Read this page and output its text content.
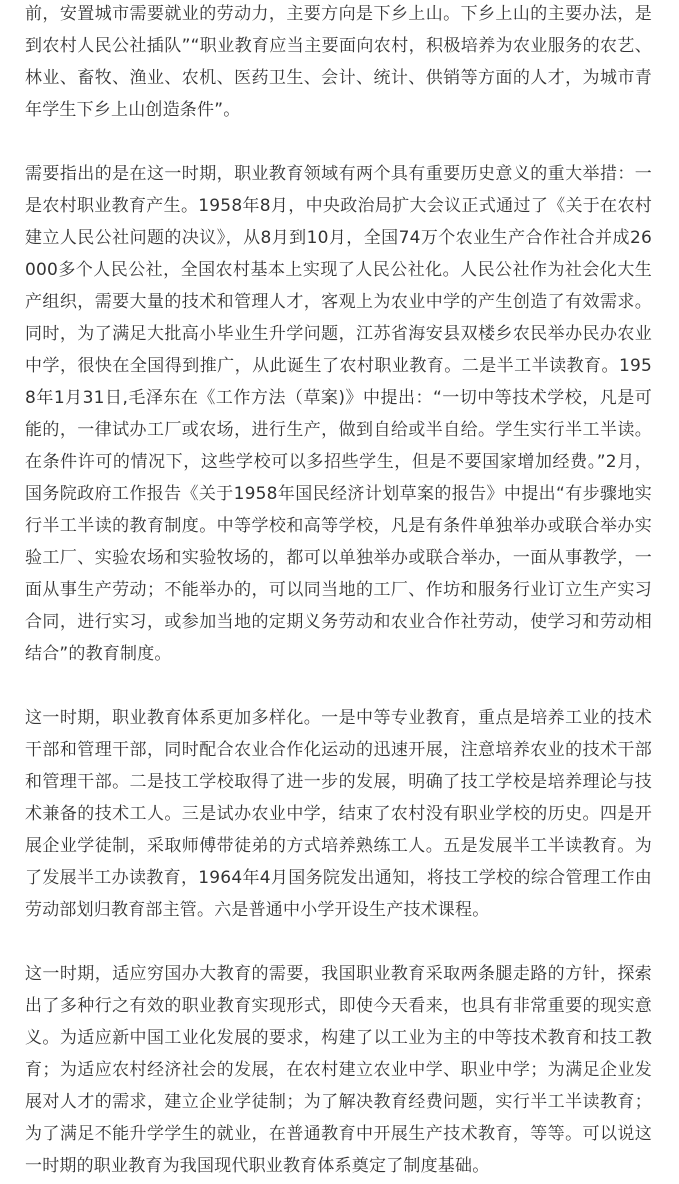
前，安置城市需要就业的劳动力，主要方向是下乡上山。下乡上山的主要办法，是到农村人民公社插队”“职业教育应当主要面向农村，积极培养为农业服务的农艺、林业、畜牧、渔业、农机、医药卫生、会计、统计、供销等方面的人才，为城市青年学生下乡上山创造条件”。

需要指出的是在这一时期，职业教育领域有两个具有重要历史意义的重大举措：一是农村职业教育产生。1958年8月，中央政治局扩大会议正式通过了《关于在农村建立人民公社问题的决议》，从8月到10月，全国74万个农业生产合作社合并成26000多个人民公社，全国农村基本上实现了人民公社化。人民公社作为社会化大生产组织，需要大量的技术和管理人才，客观上为农业中学的产生创造了有效需求。同时，为了满足大批高小毕业生升学问题，江苏省海安县双楼乡农民举办民办农业中学，很快在全国得到推广，从此诞生了农村职业教育。二是半工半读教育。1958年1月31日,毛泽东在《工作方法（草案)》中提出：“一切中等技术学校，凡是可能的，一律试办工厂或农场，进行生产，做到自给或半自给。学生实行半工半读。在条件许可的情况下，这些学校可以多招些学生，但是不要国家增加经费。”2月，国务院政府工作报告《关于1958年国民经济计划草案的报告》中提出“有步骤地实行半工半读的教育制度。中等学校和高等学校，凡是有条件单独举办或联合举办实验工厂、实验农场和实验牧场的，都可以单独举办或联合举办，一面从事教学，一面从事生产劳动；不能举办的，可以同当地的工厂、作坊和服务行业订立生产实习合同，进行实习，或参加当地的定期义务劳动和农业合作社劳动，使学习和劳动相结合”的教育制度。

这一时期，职业教育体系更加多样化。一是中等专业教育，重点是培养工业的技术干部和管理干部，同时配合农业合作化运动的迅速开展，注意培养农业的技术干部和管理干部。二是技工学校取得了进一步的发展，明确了技工学校是培养理论与技术兼备的技术工人。三是试办农业中学，结束了农村没有职业学校的历史。四是开展企业学徒制，采取师傅带徒弟的方式培养熟练工人。五是发展半工半读教育。为了发展半工办读教育，1964年4月国务院发出通知，将技工学校的综合管理工作由劳动部划归教育部主管。六是普通中小学开设生产技术课程。

这一时期，适应穷国办大教育的需要，我国职业教育采取两条腿走路的方针，探索出了多种行之有效的职业教育实现形式，即使今天看来，也具有非常重要的现实意义。为适应新中国工业化发展的要求，构建了以工业为主的中等技术教育和技工教育；为适应农村经济社会的发展，在农村建立农业中学、职业中学；为满足企业发展对人才的需求，建立企业学徒制；为了解决教育经费问题，实行半工半读教育；为了满足不能升学学生的就业，在普通教育中开展生产技术教育，等等。可以说这一时期的职业教育为我国现代职业教育体系奠定了制度基础。
